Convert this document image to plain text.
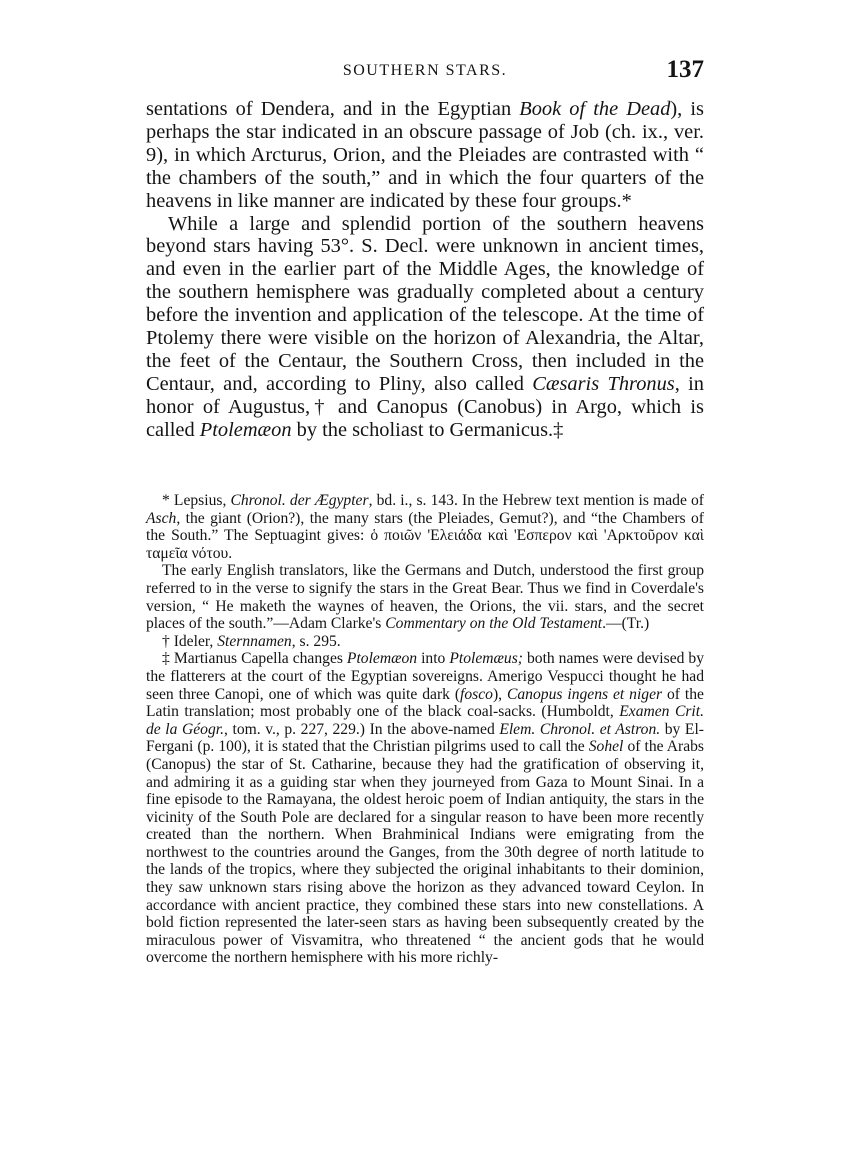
SOUTHERN STARS.	137

sentations of Dendera, and in the Egyptian Book of the Dead), is perhaps the star indicated in an obscure passage of Job (ch. ix., ver. 9), in which Arcturus, Orion, and the Pleiades are contrasted with “ the chambers of the south,” and in which the four quarters of the heavens in like manner are indicated by these four groups.*

While a large and splendid portion of the southern heavens beyond stars having 53°. S. Decl. were unknown in ancient times, and even in the earlier part of the Middle Ages, the knowledge of the southern hemisphere was gradually completed about a century before the invention and application of the telescope. At the time of Ptolemy there were visible on the horizon of Alexandria, the Altar, the feet of the Centaur, the Southern Cross, then included in the Centaur, and, according to Pliny, also called Cæsaris Thronus, in honor of Augustus,† and Canopus (Canobus) in Argo, which is called Ptolemæon by the scholiast to Germanicus.‡

* Lepsius, Chronol. der Ægypter, bd. i., s. 143. In the Hebrew text mention is made of Asch, the giant (Orion?), the many stars (the Pleiades, Gemut?), and “the Chambers of the South.” The Septuagint gives: ὁ ποιῶν 'Ελειάδα καὶ 'Εσπερον καὶ 'Αρκτοῦρον καὶ ταμεῖα νότου.

The early English translators, like the Germans and Dutch, understood the first group referred to in the verse to signify the stars in the Great Bear. Thus we find in Coverdale's version, “ He maketh the waynes of heaven, the Orions, the vii. stars, and the secret places of the south.”—Adam Clarke's Commentary on the Old Testament.—(Tr.)

† Ideler, Sternnamen, s. 295.

‡ Martianus Capella changes Ptolemæon into Ptolemæus; both names were devised by the flatterers at the court of the Egyptian sovereigns. Amerigo Vespucci thought he had seen three Canopi, one of which was quite dark (fosco), Canopus ingens et niger of the Latin translation; most probably one of the black coal-sacks. (Humboldt, Examen Crit. de la Géogr., tom. v., p. 227, 229.) In the above-named Elem. Chronol. et Astron. by El-Fergani (p. 100), it is stated that the Christian pilgrims used to call the Sohel of the Arabs (Canopus) the star of St. Catharine, because they had the gratification of observing it, and admiring it as a guiding star when they journeyed from Gaza to Mount Sinai. In a fine episode to the Ramayana, the oldest heroic poem of Indian antiquity, the stars in the vicinity of the South Pole are declared for a singular reason to have been more recently created than the northern. When Brahminical Indians were emigrating from the northwest to the countries around the Ganges, from the 30th degree of north latitude to the lands of the tropics, where they subjected the original inhabitants to their dominion, they saw unknown stars rising above the horizon as they advanced toward Ceylon. In accordance with ancient practice, they combined these stars into new constellations. A bold fiction represented the later-seen stars as having been subsequently created by the miraculous power of Visvamitra, who threatened “ the ancient gods that he would overcome the northern hemisphere with his more richly-
